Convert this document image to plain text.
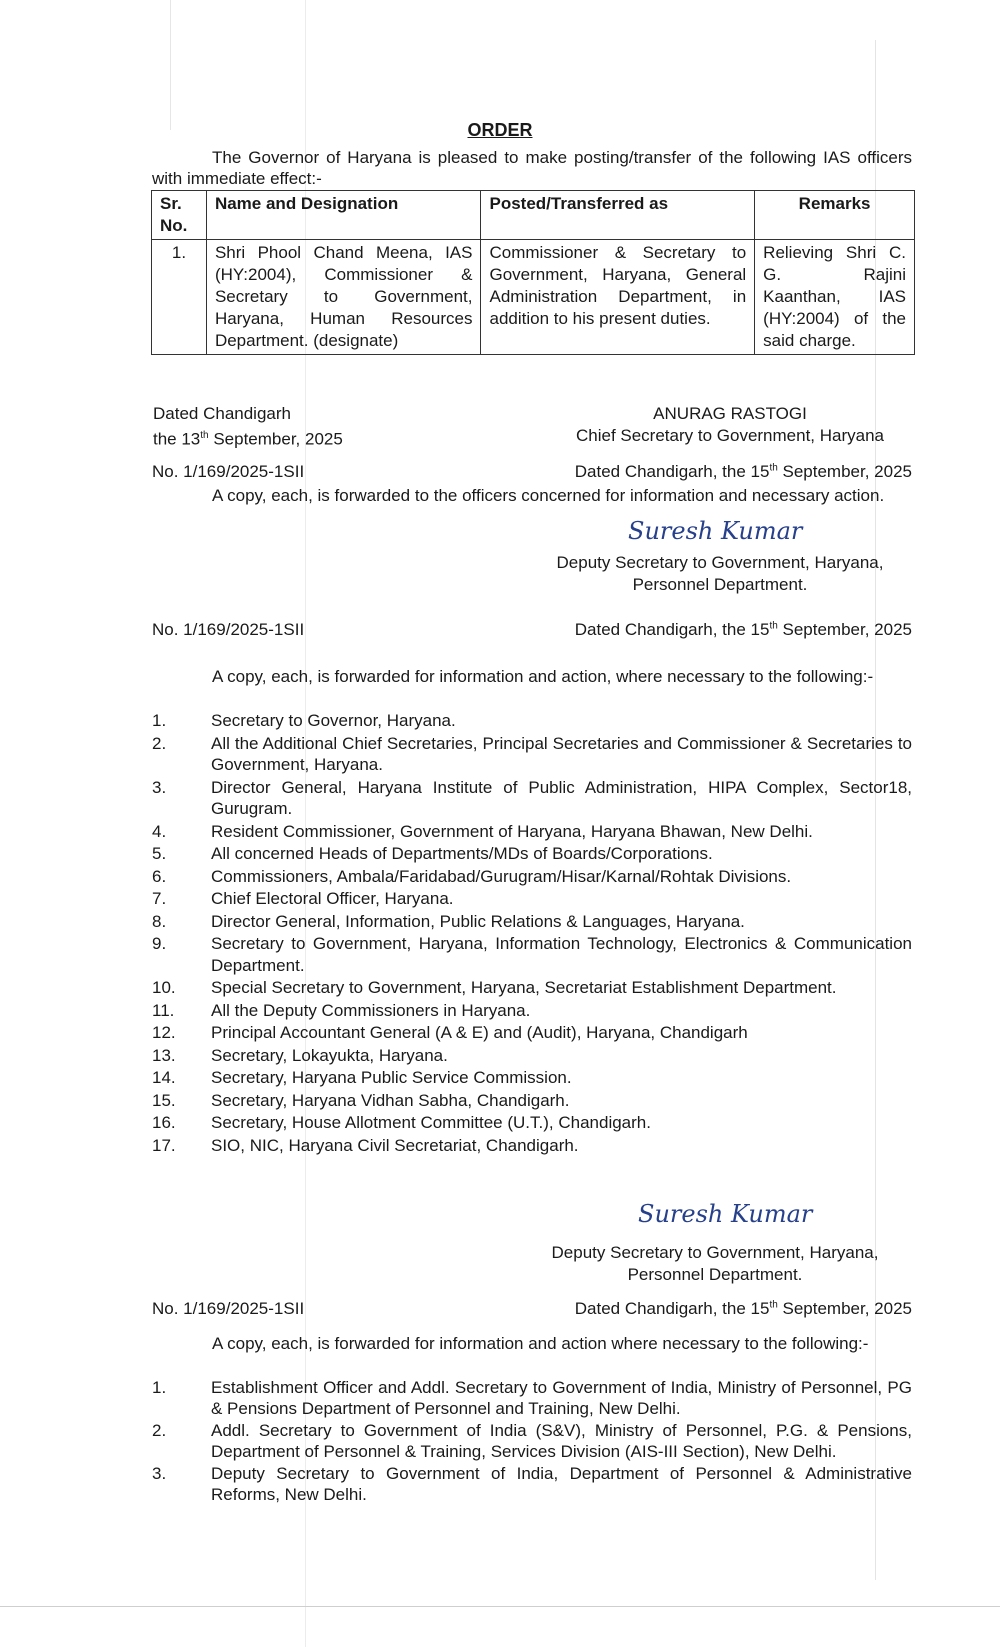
ORDER
The Governor of Haryana is pleased to make posting/transfer of the following IAS officers with immediate effect:-
Sr. No.	Name and Designation	Posted/Transferred as	Remarks
1.	Shri Phool Chand Meena, IAS (HY:2004), Commissioner & Secretary to Government, Haryana, Human Resources Department. (designate)	Commissioner & Secretary to Government, Haryana, General Administration Department, in addition to his present duties.	Relieving Shri C. G. Rajini Kaanthan, IAS (HY:2004) of the said charge.
Dated Chandigarh
the 13th September, 2025
ANURAG RASTOGI
Chief Secretary to Government, Haryana
No. 1/169/2025-1SII	Dated Chandigarh, the 15th September, 2025
A copy, each, is forwarded to the officers concerned for information and necessary action.
Suresh Kumar
Deputy Secretary to Government, Haryana,
Personnel Department.
No. 1/169/2025-1SII	Dated Chandigarh, the 15th September, 2025
A copy, each, is forwarded for information and action, where necessary to the following:-
1.	Secretary to Governor, Haryana.
2.	All the Additional Chief Secretaries, Principal Secretaries and Commissioner & Secretaries to Government, Haryana.
3.	Director General, Haryana Institute of Public Administration, HIPA Complex, Sector18, Gurugram.
4.	Resident Commissioner, Government of Haryana, Haryana Bhawan, New Delhi.
5.	All concerned Heads of Departments/MDs of Boards/Corporations.
6.	Commissioners, Ambala/Faridabad/Gurugram/Hisar/Karnal/Rohtak Divisions.
7.	Chief Electoral Officer, Haryana.
8.	Director General, Information, Public Relations & Languages, Haryana.
9.	Secretary to Government, Haryana, Information Technology, Electronics & Communication Department.
10.	Special Secretary to Government, Haryana, Secretariat Establishment Department.
11.	All the Deputy Commissioners in Haryana.
12.	Principal Accountant General (A & E) and (Audit), Haryana, Chandigarh
13.	Secretary, Lokayukta, Haryana.
14.	Secretary, Haryana Public Service Commission.
15.	Secretary, Haryana Vidhan Sabha, Chandigarh.
16.	Secretary, House Allotment Committee (U.T.), Chandigarh.
17.	SIO, NIC, Haryana Civil Secretariat, Chandigarh.
Suresh Kumar
Deputy Secretary to Government, Haryana,
Personnel Department.
No. 1/169/2025-1SII	Dated Chandigarh, the 15th September, 2025
A copy, each, is forwarded for information and action where necessary to the following:-
1.	Establishment Officer and Addl. Secretary to Government of India, Ministry of Personnel, PG & Pensions Department of Personnel and Training, New Delhi.
2.	Addl. Secretary to Government of India (S&V), Ministry of Personnel, P.G. & Pensions, Department of Personnel & Training, Services Division (AIS-III Section), New Delhi.
3.	Deputy Secretary to Government of India, Department of Personnel & Administrative Reforms, New Delhi.
